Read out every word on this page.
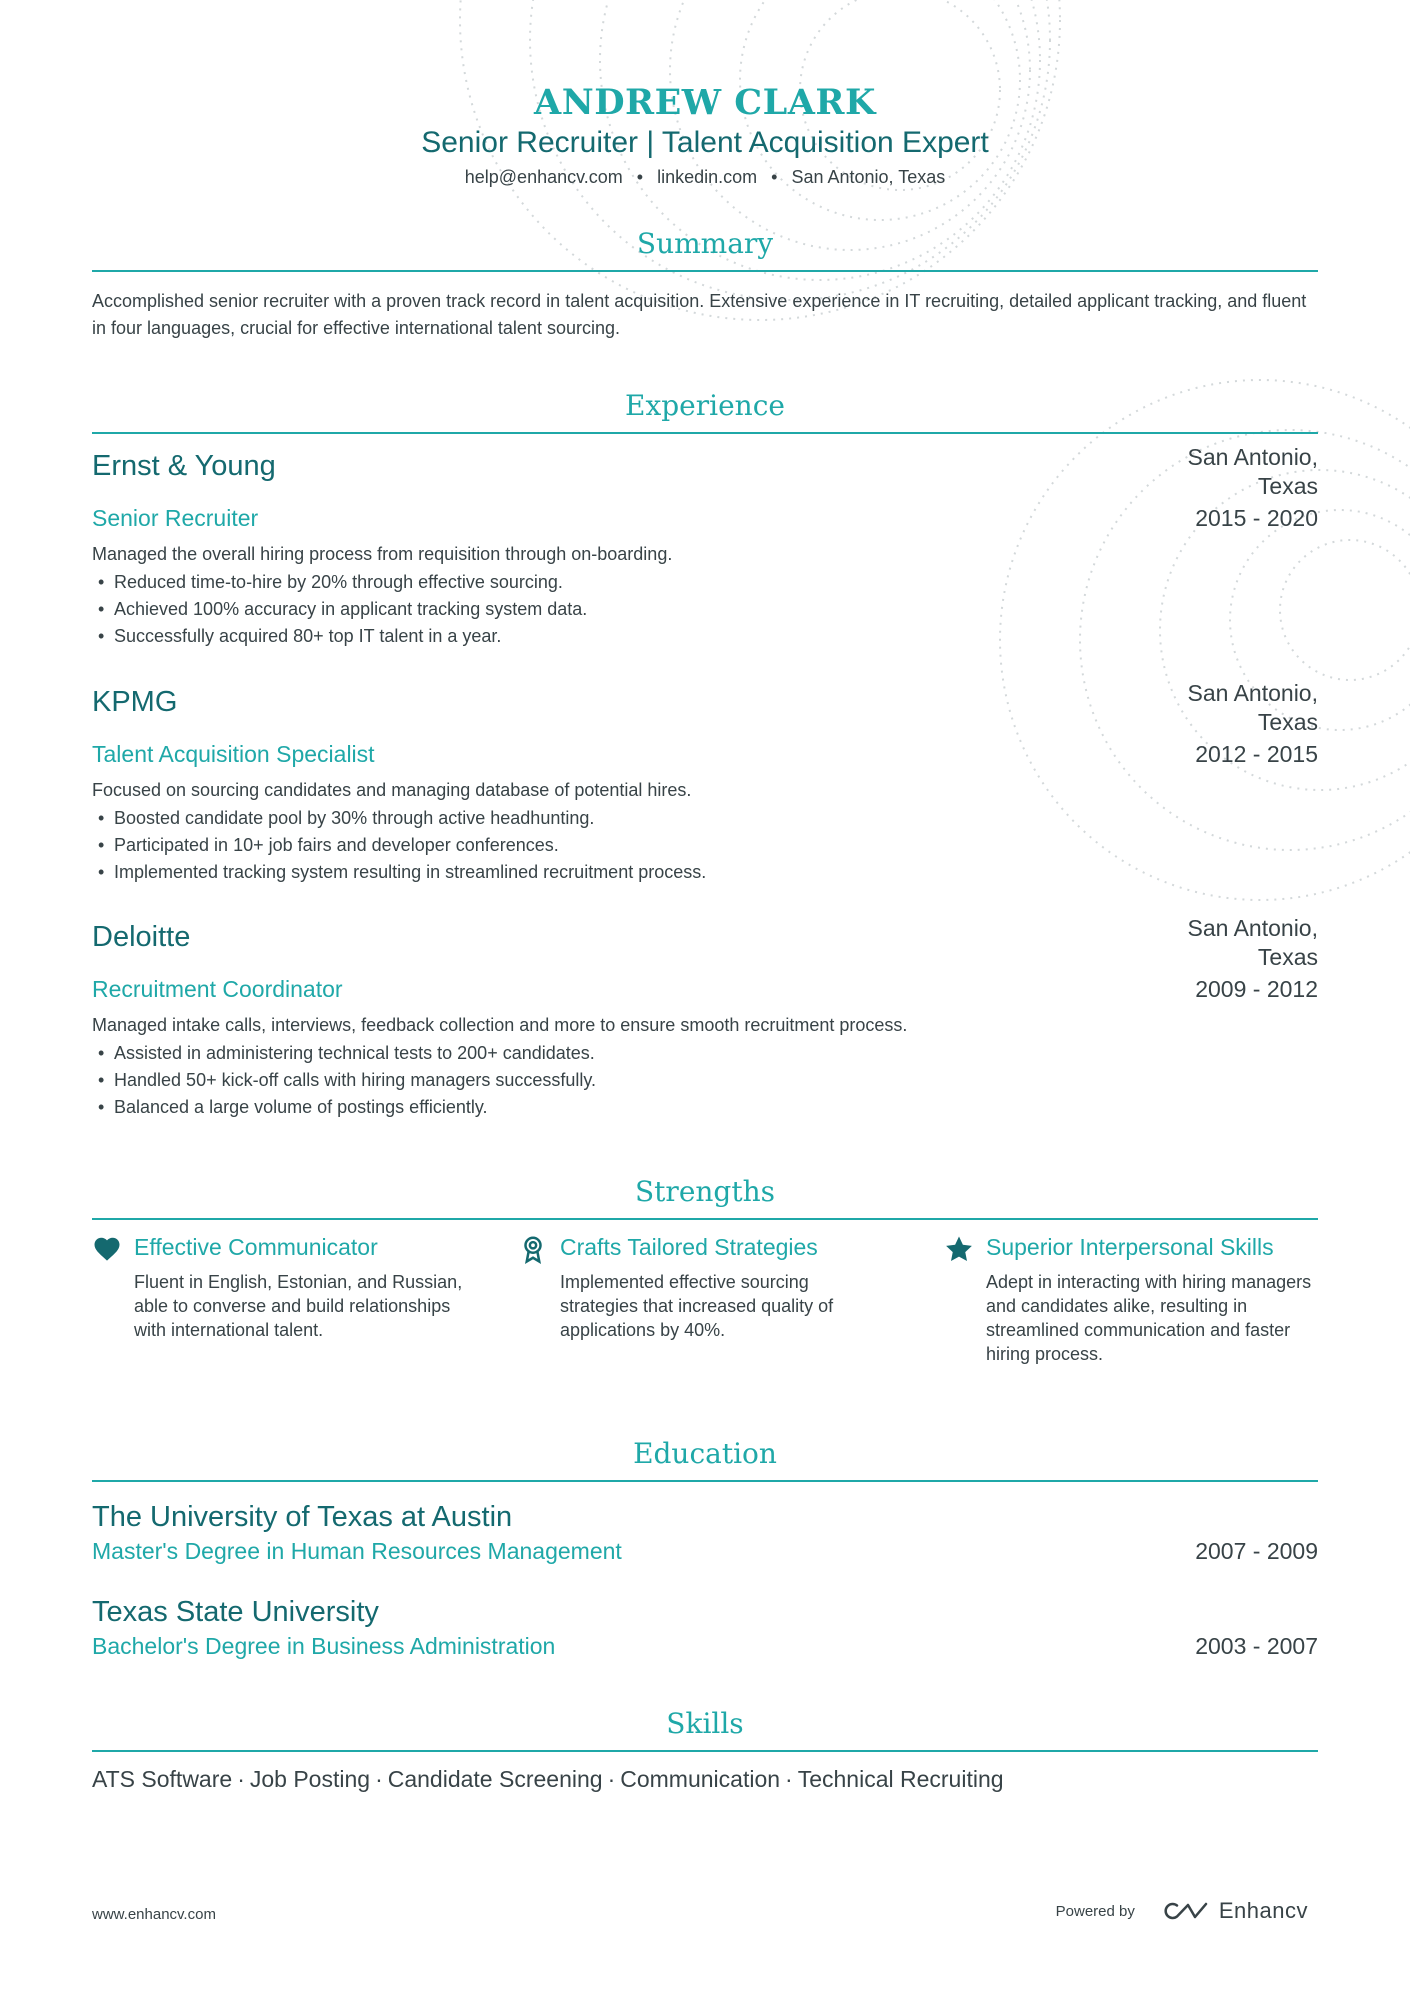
ANDREW CLARK
Senior Recruiter | Talent Acquisition Expert
help@enhancv.com • linkedin.com • San Antonio, Texas
Summary
Accomplished senior recruiter with a proven track record in talent acquisition. Extensive experience in IT recruiting, detailed applicant tracking, and fluent in four languages, crucial for effective international talent sourcing.
Experience
Ernst & Young	San Antonio,
Texas
Senior Recruiter	2015 - 2020
Managed the overall hiring process from requisition through on-boarding.
• Reduced time-to-hire by 20% through effective sourcing.
• Achieved 100% accuracy in applicant tracking system data.
• Successfully acquired 80+ top IT talent in a year.
KPMG	San Antonio,
Texas
Talent Acquisition Specialist	2012 - 2015
Focused on sourcing candidates and managing database of potential hires.
• Boosted candidate pool by 30% through active headhunting.
• Participated in 10+ job fairs and developer conferences.
• Implemented tracking system resulting in streamlined recruitment process.
Deloitte	San Antonio,
Texas
Recruitment Coordinator	2009 - 2012
Managed intake calls, interviews, feedback collection and more to ensure smooth recruitment process.
• Assisted in administering technical tests to 200+ candidates.
• Handled 50+ kick-off calls with hiring managers successfully.
• Balanced a large volume of postings efficiently.
Strengths
Effective Communicator
Fluent in English, Estonian, and Russian, able to converse and build relationships with international talent.
Crafts Tailored Strategies
Implemented effective sourcing strategies that increased quality of applications by 40%.
Superior Interpersonal Skills
Adept in interacting with hiring managers and candidates alike, resulting in streamlined communication and faster hiring process.
Education
The University of Texas at Austin
Master's Degree in Human Resources Management	2007 - 2009
Texas State University
Bachelor's Degree in Business Administration	2003 - 2007
Skills
ATS Software · Job Posting · Candidate Screening · Communication · Technical Recruiting
www.enhancv.com	Powered by	Enhancv
